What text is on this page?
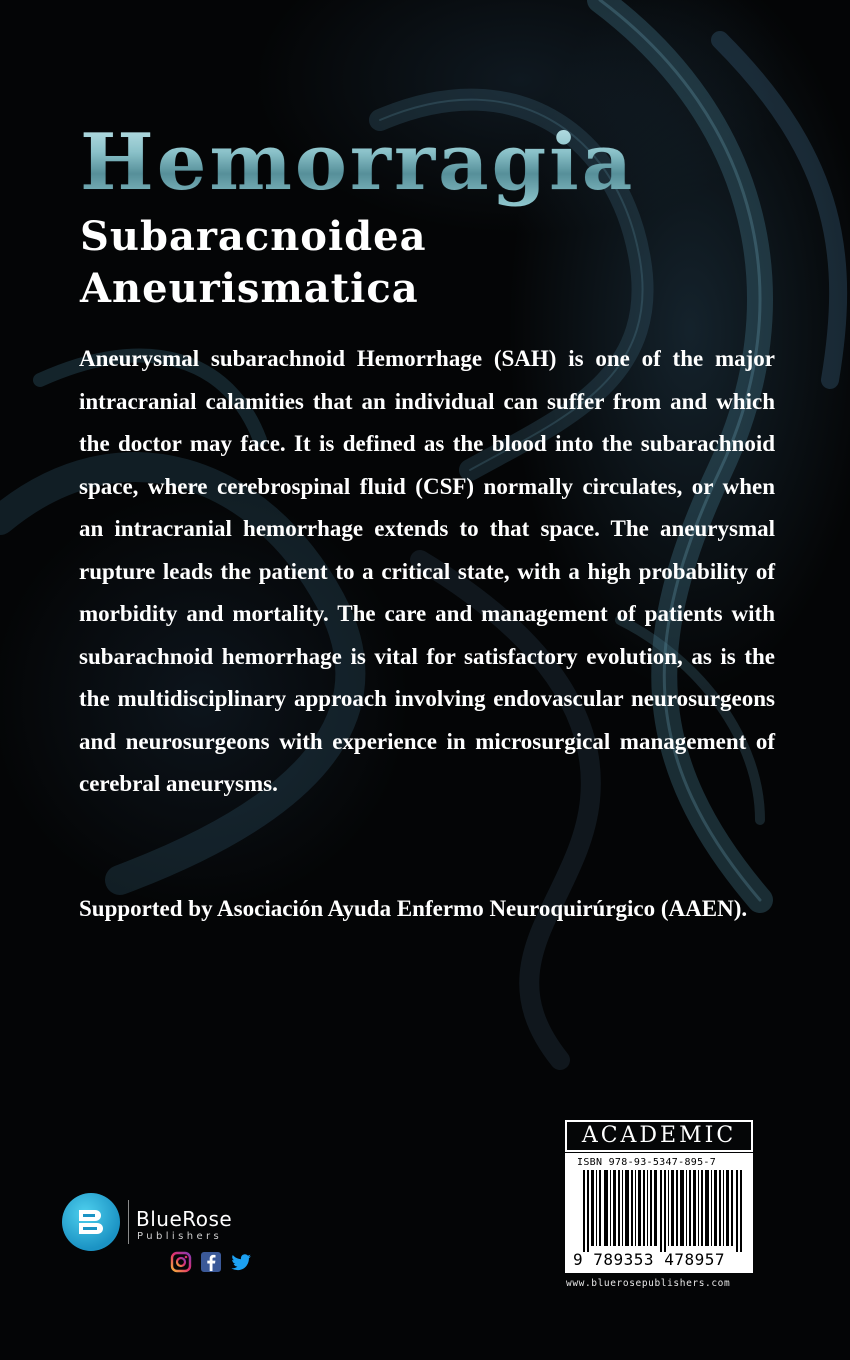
Hemorragia
Subaracnoidea
Aneurismatica

Aneurysmal subarachnoid Hemorrhage (SAH) is one of the major intracranial calamities that an individual can suffer from and which the doctor may face. It is defined as the blood into the subarachnoid space, where cerebrospinal fluid (CSF) normally circulates, or when an intracranial hemorrhage extends to that space. The aneurysmal rupture leads the patient to a critical state, with a high probability of morbidity and mortality. The care and management of patients with subarachnoid hemorrhage is vital for satisfactory evolution, as is the the multidisciplinary approach involving endovascular neurosurgeons and neurosurgeons with experience in microsurgical management of cerebral aneurysms.

Supported by Asociación Ayuda Enfermo Neuroquirúrgico (AAEN).

BlueRose

Publishers

ACADEMIC

ISBN 978-93-5347-895-7

9 789353 478957

www.bluerosepublishers.com
